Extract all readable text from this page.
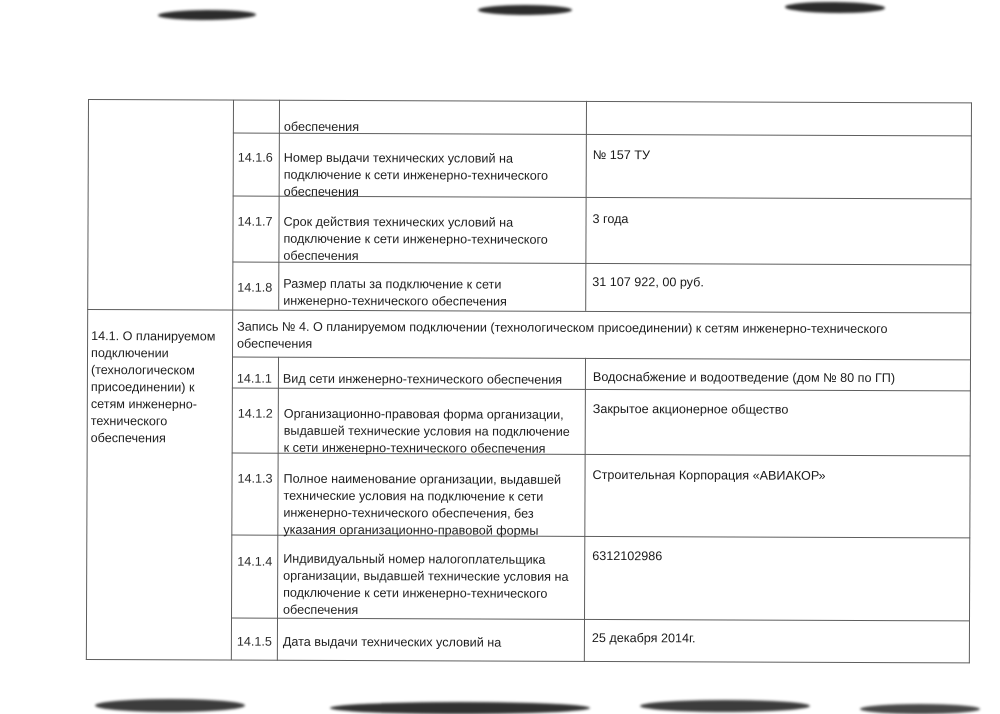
обеспечения
14.1.6 Номер выдачи технических условий на
подключение к сети инженерно-технического
обеспечения
№ 157 ТУ
14.1.7 Срок действия технических условий на
подключение к сети инженерно-технического
обеспечения
3 года
14.1.8 Размер платы за подключение к сети
инженерно-технического обеспечения
31 107 922, 00 руб.
14.1. О планируемом
подключении
(технологическом
присоединении) к
сетям инженерно-
технического
обеспечения
Запись № 4. О планируемом подключении (технологическом присоединении) к сетям инженерно-технического
обеспечения
14.1.1 Вид сети инженерно-технического обеспечения	Водоснабжение и водоотведение (дом № 80 по ГП)
14.1.2 Организационно-правовая форма организации,
выдавшей технические условия на подключение
к сети инженерно-технического обеспечения
Закрытое акционерное общество
14.1.3 Полное наименование организации, выдавшей
технические условия на подключение к сети
инженерно-технического обеспечения, без
указания организационно-правовой формы
Строительная Корпорация «АВИАКОР»
14.1.4 Индивидуальный номер налогоплательщика
организации, выдавшей технические условия на
подключение к сети инженерно-технического
обеспечения
6312102986
14.1.5 Дата выдачи технических условий на	25 декабря 2014г.
